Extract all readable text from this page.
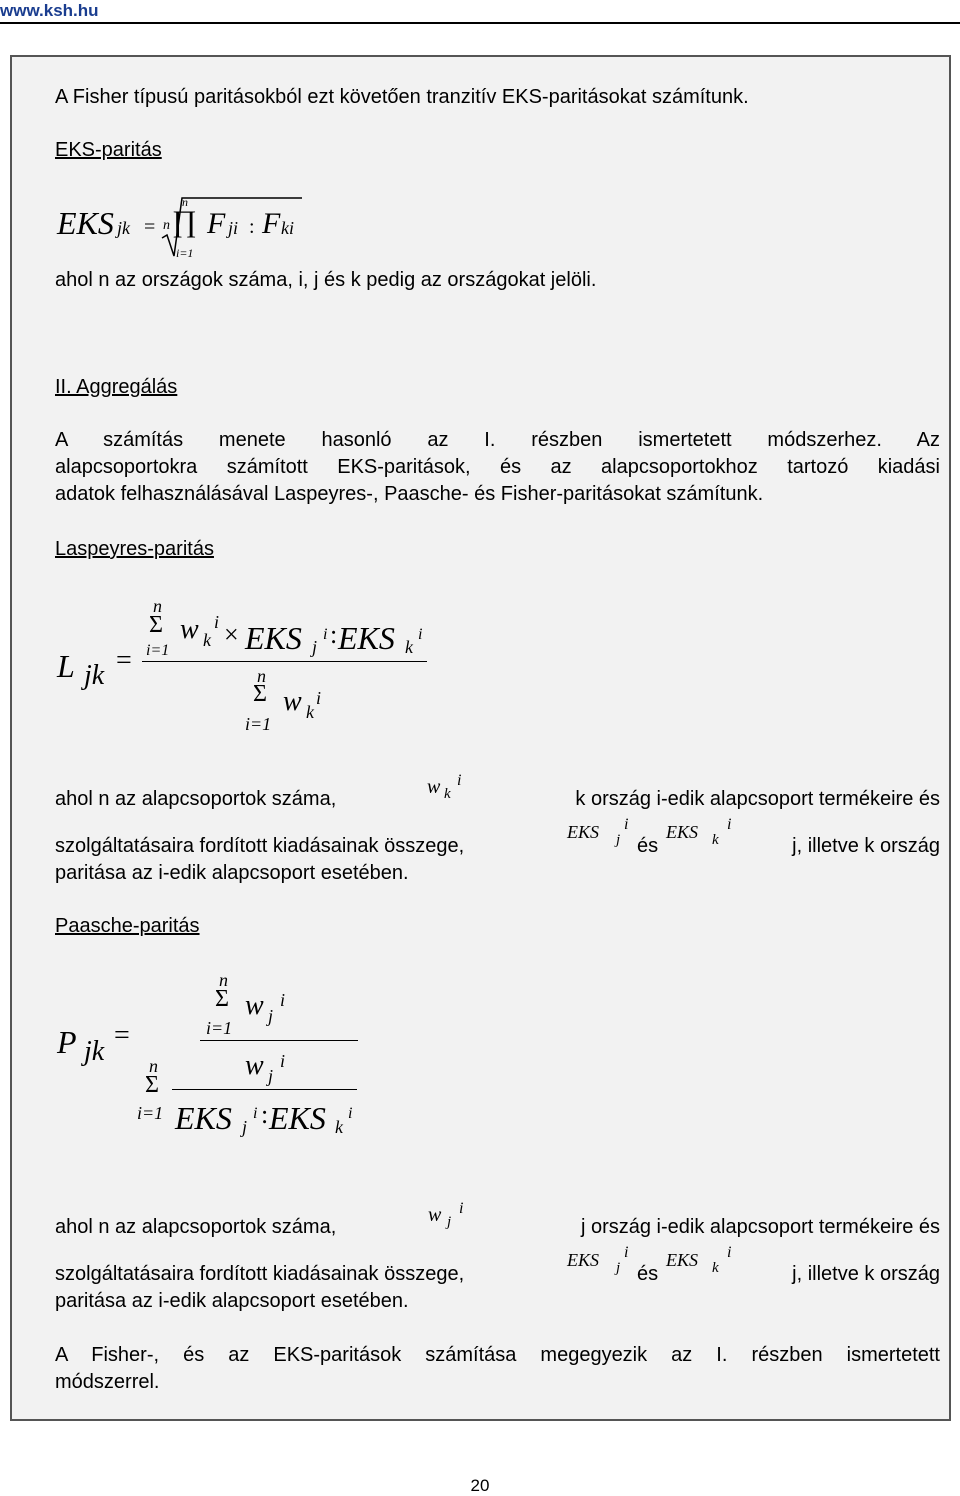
www.ksh.hu

A Fisher típusú paritásokból ezt követően tranzitív EKS-paritásokat számítunk.

EKS-paritás

EKS jk = n
n
∏
i=1
F ji : F ki

ahol n az országok száma, i, j és k pedig az országokat jelöli.

II. Aggregálás

A számítás menete hasonló az I. részben ismertetett módszerhez. Az

alapcsoportokra számított EKS-paritások, és az alapcsoportokhoz tartozó kiadási

adatok felhasználásával Laspeyres-, Paasche- és Fisher-paritásokat számítunk.

Laspeyres-paritás

L jk =
n
Σ
i=1
w k
i × EKS j
i : EKS k
i
n
Σ
i=1
w k
i
ahol n az alapcsoportok száma,
w k
i
k ország i-edik alapcsoport termékeire és
szolgáltatásaira fordított kiadásainak összege,
EKS j
i
és
EKS k
i
j, illetve k ország
paritása az i-edik alapcsoport esetében.

Paasche-paritás

P jk
=
n
Σ
i=1
w j
i
n
Σ
i=1
w j
i
EKS j
i : EKS k
i
ahol n az alapcsoportok száma,
w j
i
j ország i-edik alapcsoport termékeire és
szolgáltatásaira fordított kiadásainak összege,
EKS j
i
és
EKS k
i
j, illetve k ország
paritása az i-edik alapcsoport esetében.

A Fisher-, és az EKS-paritások számítása megegyezik az I. részben ismertetett

módszerrel.

20
